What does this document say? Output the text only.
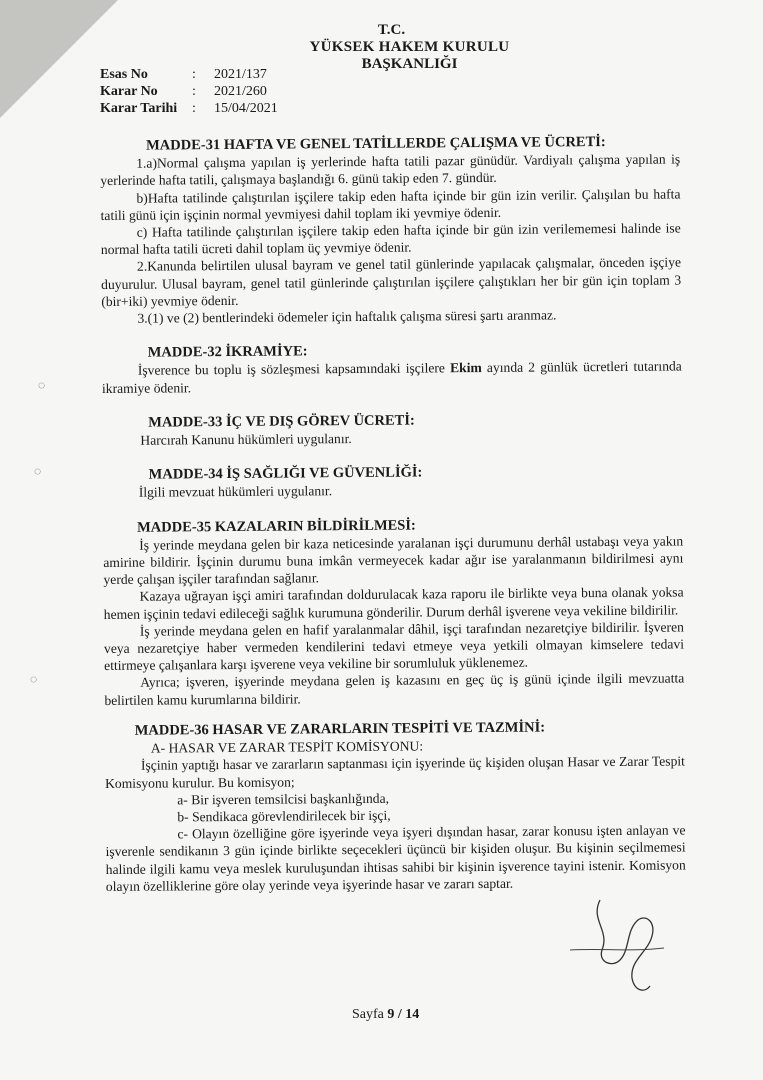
T.C.
YÜKSEK HAKEM KURULU
BAŞKANLIĞI
Esas No	:	2021/137
Karar No	:	2021/260
Karar Tarihi	:	15/04/2021

MADDE-31 HAFTA VE GENEL TATİLLERDE ÇALIŞMA VE ÜCRETİ:

1.a)Normal çalışma yapılan iş yerlerinde hafta tatili pazar günüdür. Vardiyalı çalışma yapılan iş yerlerinde hafta tatili, çalışmaya başlandığı 6. günü takip eden 7. gündür.

b)Hafta tatilinde çalıştırılan işçilere takip eden hafta içinde bir gün izin verilir. Çalışılan bu hafta tatili günü için işçinin normal yevmiyesi dahil toplam iki yevmiye ödenir.

c) Hafta tatilinde çalıştırılan işçilere takip eden hafta içinde bir gün izin verilememesi halinde ise normal hafta tatili ücreti dahil toplam üç yevmiye ödenir.

2.Kanunda belirtilen ulusal bayram ve genel tatil günlerinde yapılacak çalışmalar, önceden işçiye duyurulur. Ulusal bayram, genel tatil günlerinde çalıştırılan işçilere çalıştıkları her bir gün için toplam 3 (bir+iki) yevmiye ödenir.

3.(1) ve (2) bentlerindeki ödemeler için haftalık çalışma süresi şartı aranmaz.

MADDE-32 İKRAMİYE:

İşverence bu toplu iş sözleşmesi kapsamındaki işçilere Ekim ayında 2 günlük ücretleri tutarında ikramiye ödenir.

MADDE-33 İÇ VE DIŞ GÖREV ÜCRETİ:

Harcırah Kanunu hükümleri uygulanır.

MADDE-34 İŞ SAĞLIĞI VE GÜVENLİĞİ:

İlgili mevzuat hükümleri uygulanır.

MADDE-35 KAZALARIN BİLDİRİLMESİ:

İş yerinde meydana gelen bir kaza neticesinde yaralanan işçi durumunu derhâl ustabaşı veya yakın amirine bildirir. İşçinin durumu buna imkân vermeyecek kadar ağır ise yaralanmanın bildirilmesi aynı yerde çalışan işçiler tarafından sağlanır.

Kazaya uğrayan işçi amiri tarafından doldurulacak kaza raporu ile birlikte veya buna olanak yoksa hemen işçinin tedavi edileceği sağlık kurumuna gönderilir. Durum derhâl işverene veya vekiline bildirilir.

İş yerinde meydana gelen en hafif yaralanmalar dâhil, işçi tarafından nezaretçiye bildirilir. İşveren veya nezaretçiye haber vermeden kendilerini tedavi etmeye veya yetkili olmayan kimselere tedavi ettirmeye çalışanlara karşı işverene veya vekiline bir sorumluluk yüklenemez.

Ayrıca; işveren, işyerinde meydana gelen iş kazasını en geç üç iş günü içinde ilgili mevzuatta belirtilen kamu kurumlarına bildirir.

MADDE-36 HASAR VE ZARARLARIN TESPİTİ VE TAZMİNİ:

A- HASAR VE ZARAR TESPİT KOMİSYONU:

İşçinin yaptığı hasar ve zararların saptanması için işyerinde üç kişiden oluşan Hasar ve Zarar Tespit Komisyonu kurulur. Bu komisyon;

a- Bir işveren temsilcisi başkanlığında,

b- Sendikaca görevlendirilecek bir işçi,

c- Olayın özelliğine göre işyerinde veya işyeri dışından hasar, zarar konusu işten anlayan ve işverenle sendikanın 3 gün içinde birlikte seçecekleri üçüncü bir kişiden oluşur. Bu kişinin seçilmemesi halinde ilgili kamu veya meslek kuruluşundan ihtisas sahibi bir kişinin işverence tayini istenir. Komisyon olayın özelliklerine göre olay yerinde veya işyerinde hasar ve zararı saptar.

◌
◌
◌
Sayfa 9 / 14
